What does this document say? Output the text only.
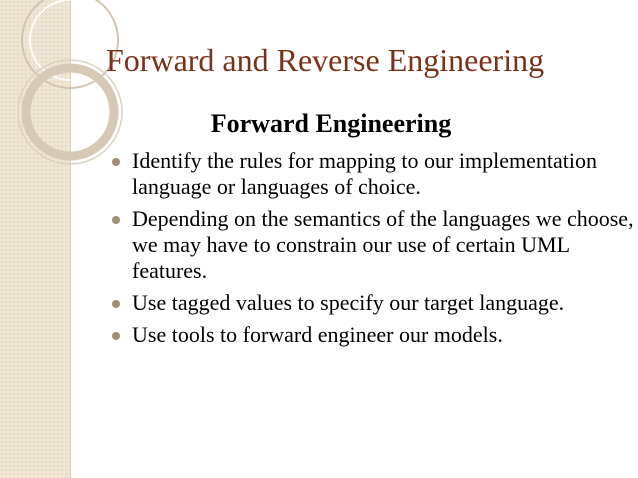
Forward and Reverse Engineering
Forward Engineering
Identify the rules for mapping to our implementation language or languages of choice.
Depending on the semantics of the languages we choose, we may have to constrain our use of certain UML features.
Use tagged values to specify our target language.
Use tools to forward engineer our models.
